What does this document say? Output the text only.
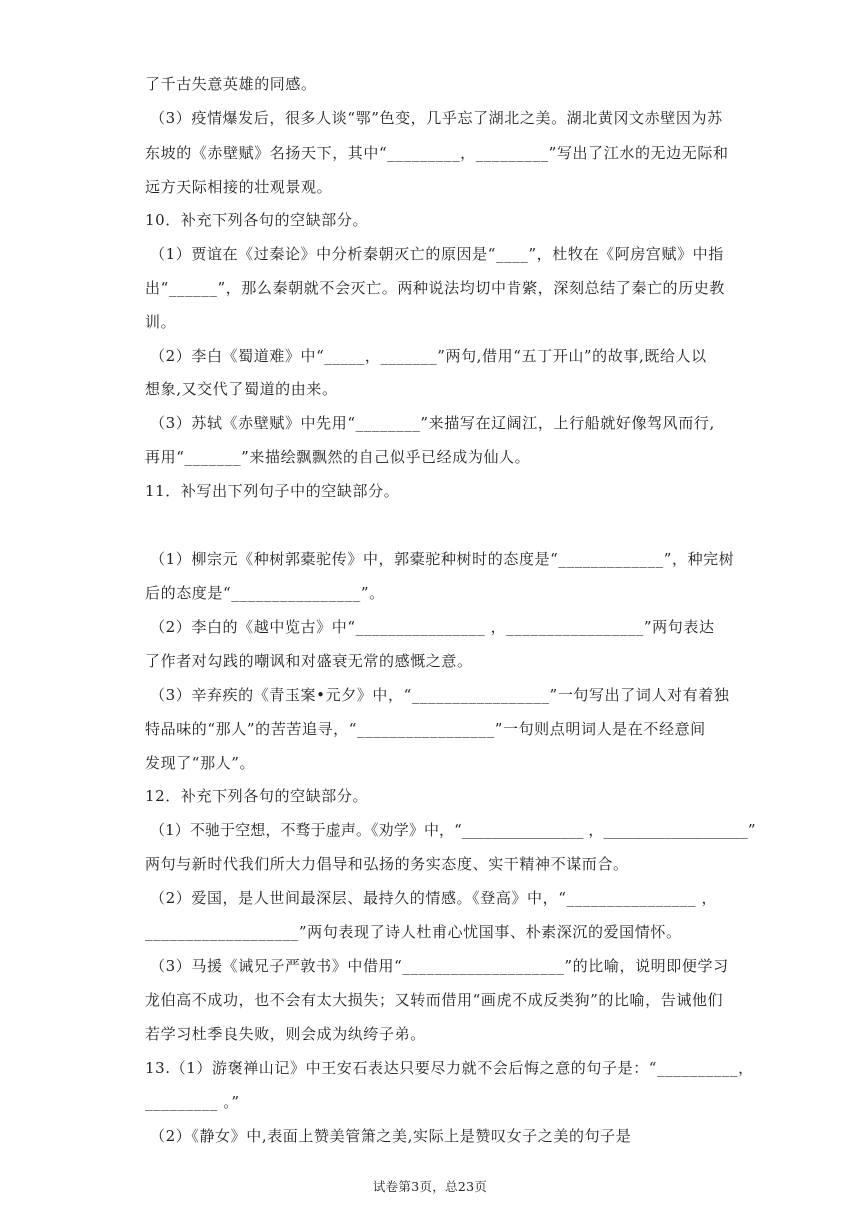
了千古失意英雄的同感。
（3）疫情爆发后，很多人谈“鄂”色变，几乎忘了湖北之美。湖北黄冈文赤壁因为苏
东坡的《赤壁赋》名扬天下，其中“_________，_________”写出了江水的无边无际和
远方天际相接的壮观景观。
10．补充下列各句的空缺部分。
（1）贾谊在《过秦论》中分析秦朝灭亡的原因是“____”，杜牧在《阿房宫赋》中指
出“______”，那么秦朝就不会灭亡。两种说法均切中肯綮，深刻总结了秦亡的历史教
训。
（2）李白《蜀道难》中“_____，_______”两句,借用“五丁开山”的故事,既给人以
想象,又交代了蜀道的由来。
（3）苏轼《赤壁赋》中先用“________”来描写在辽阔江，上行船就好像驾风而行,
再用“_______”来描绘飘飘然的自己似乎已经成为仙人。
11．补写出下列句子中的空缺部分。
（1）柳宗元《种树郭橐驼传》中，郭橐驼种树时的态度是“_____________”，种完树
后的态度是“________________”。
（2）李白的《越中览古》中“________________ ，_________________”两句表达
了作者对勾践的嘲讽和对盛衰无常的感慨之意。
（3）辛弃疾的《青玉案•元夕》中，“_________________”一句写出了词人对有着独
特品味的“那人”的苦苦追寻，“_________________”一句则点明词人是在不经意间
发现了“那人”。
12．补充下列各句的空缺部分。
（1）不驰于空想，不骛于虚声。《劝学》中，“________________ ，___________________”
两句与新时代我们所大力倡导和弘扬的务实态度、实干精神不谋而合。
（2）爱国，是人世间最深层、最持久的情感。《登高》中，“________________ ，
___________________”两句表现了诗人杜甫心忧国事、朴素深沉的爱国情怀。
（3）马援《诫兄子严敦书》中借用“____________________”的比喻，说明即便学习
龙伯高不成功，也不会有太大损失；又转而借用“画虎不成反类狗”的比喻，告诫他们
若学习杜季良失败，则会成为纨绔子弟。
13.（1）游褒禅山记》中王安石表达只要尽力就不会后悔之意的句子是：“__________，
_________ 。”
（2）《静女》中,表面上赞美管箫之美,实际上是赞叹女子之美的句子是
试卷第3页，总23页
